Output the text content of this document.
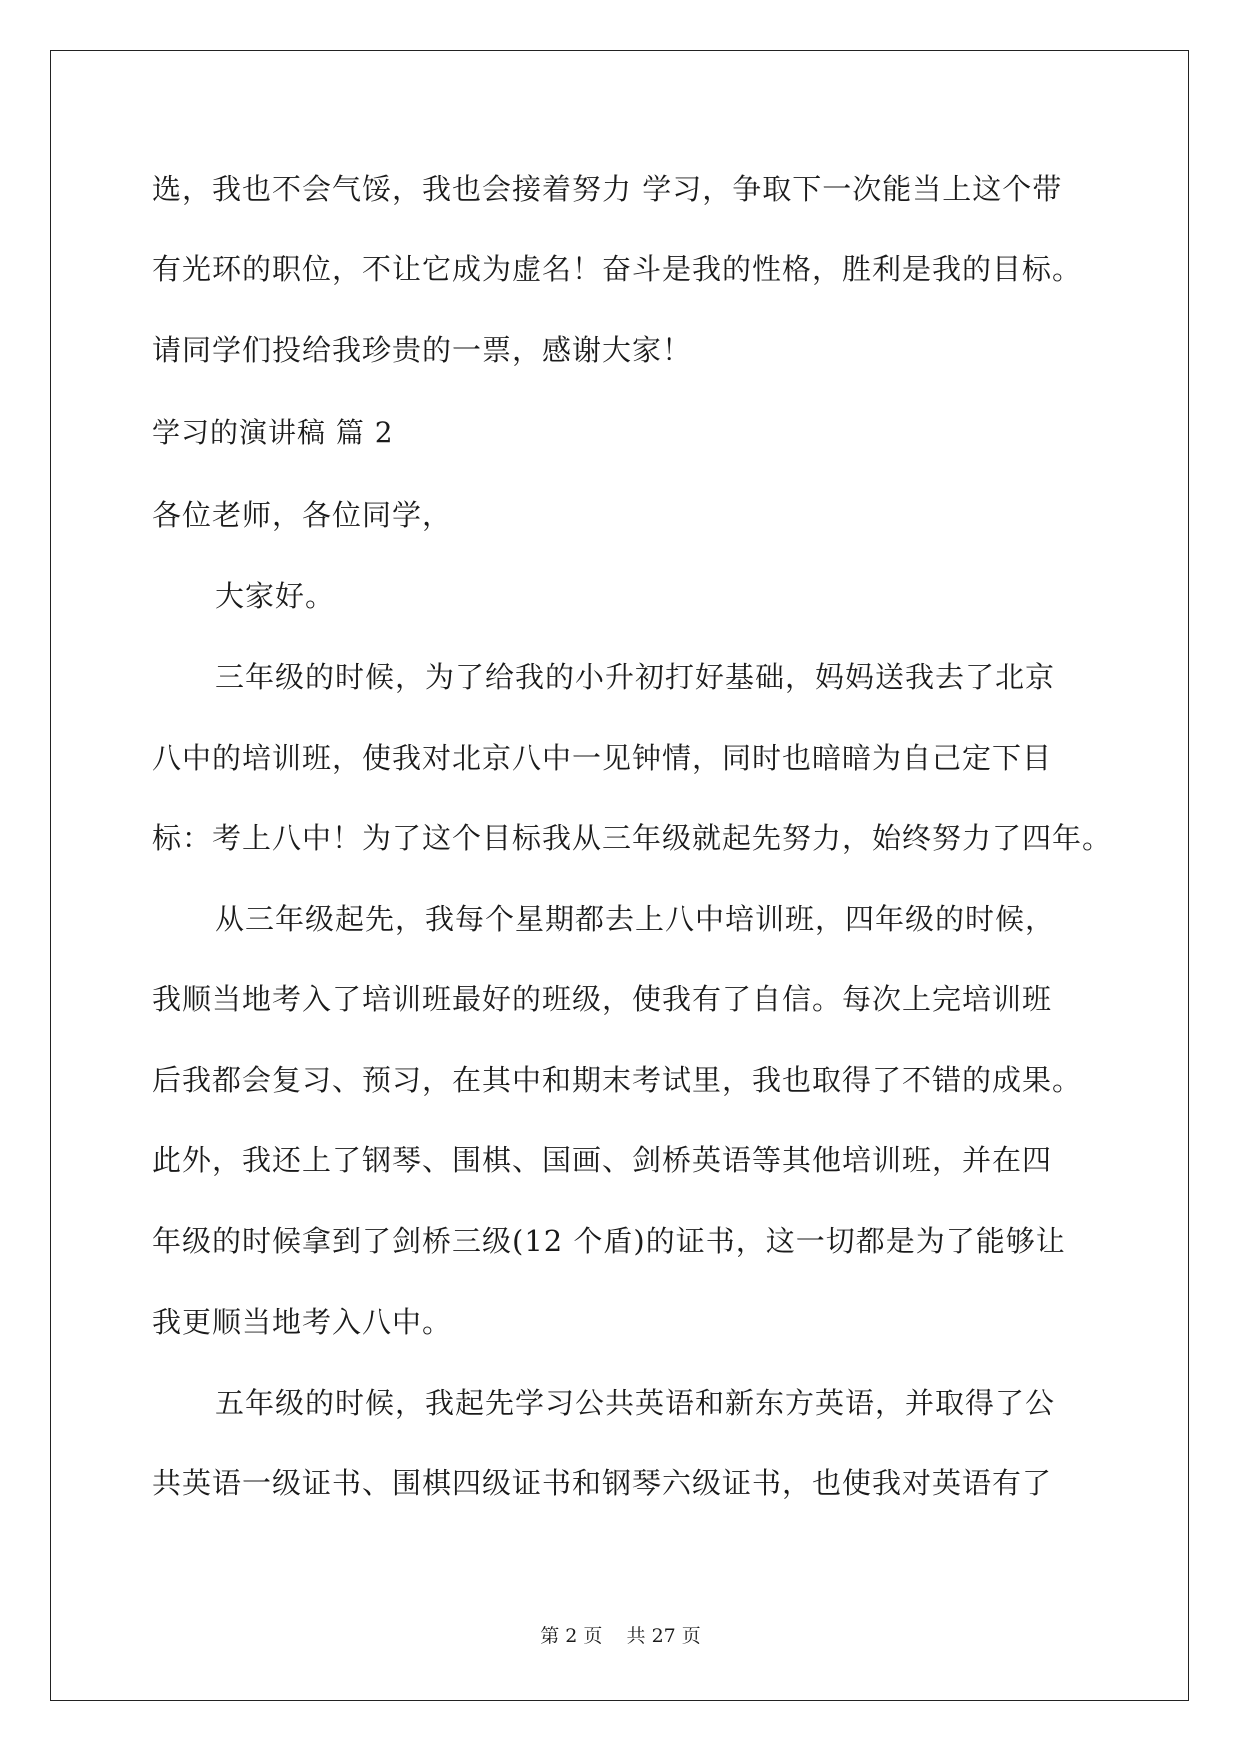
选，我也不会气馁，我也会接着努力 学习，争取下一次能当上这个带
有光环的职位，不让它成为虚名！奋斗是我的性格，胜利是我的目标。
请同学们投给我珍贵的一票，感谢大家！
学习的演讲稿 篇 2
各位老师，各位同学，
大家好。
三年级的时候，为了给我的小升初打好基础，妈妈送我去了北京
八中的培训班，使我对北京八中一见钟情，同时也暗暗为自己定下目
标：考上八中！为了这个目标我从三年级就起先努力，始终努力了四年。
从三年级起先，我每个星期都去上八中培训班，四年级的时候，
我顺当地考入了培训班最好的班级，使我有了自信。每次上完培训班
后我都会复习、预习，在其中和期末考试里，我也取得了不错的成果。
此外，我还上了钢琴、围棋、国画、剑桥英语等其他培训班，并在四
年级的时候拿到了剑桥三级(12 个盾)的证书，这一切都是为了能够让
我更顺当地考入八中。
五年级的时候，我起先学习公共英语和新东方英语，并取得了公
共英语一级证书、围棋四级证书和钢琴六级证书，也使我对英语有了
第 2 页    共 27 页
